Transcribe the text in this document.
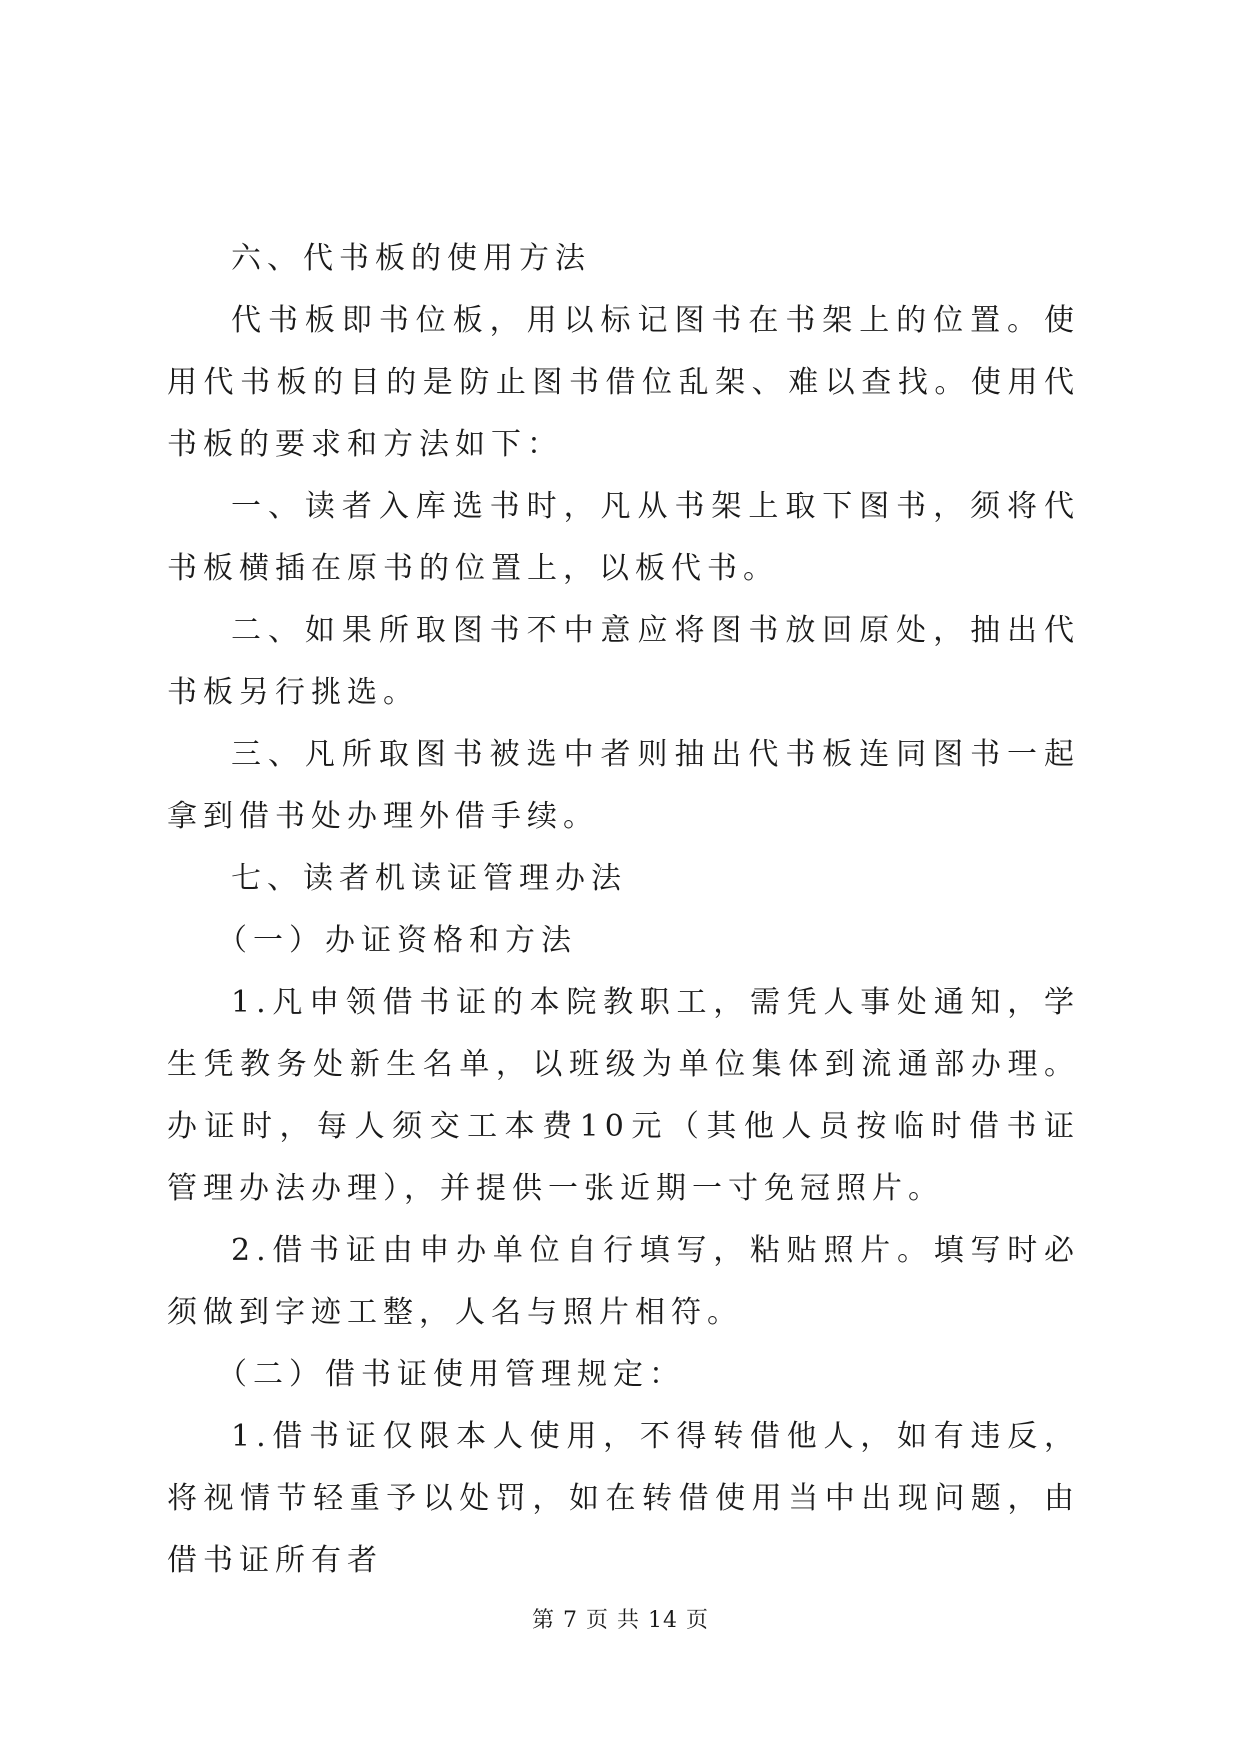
六、代书板的使用方法

代书板即书位板，用以标记图书在书架上的位置。使用代书板的目的是防止图书借位乱架、难以查找。使用代书板的要求和方法如下：

一、读者入库选书时，凡从书架上取下图书，须将代书板横插在原书的位置上，以板代书。

二、如果所取图书不中意应将图书放回原处，抽出代书板另行挑选。

三、凡所取图书被选中者则抽出代书板连同图书一起拿到借书处办理外借手续。

七、读者机读证管理办法

（一）办证资格和方法

1.凡申领借书证的本院教职工，需凭人事处通知，学生凭教务处新生名单，以班级为单位集体到流通部办理。办证时，每人须交工本费10元（其他人员按临时借书证管理办法办理），并提供一张近期一寸免冠照片。

2.借书证由申办单位自行填写，粘贴照片。填写时必须做到字迹工整，人名与照片相符。

（二）借书证使用管理规定：

1.借书证仅限本人使用，不得转借他人，如有违反，将视情节轻重予以处罚，如在转借使用当中出现问题，由借书证所有者

第 7 页 共 14 页
